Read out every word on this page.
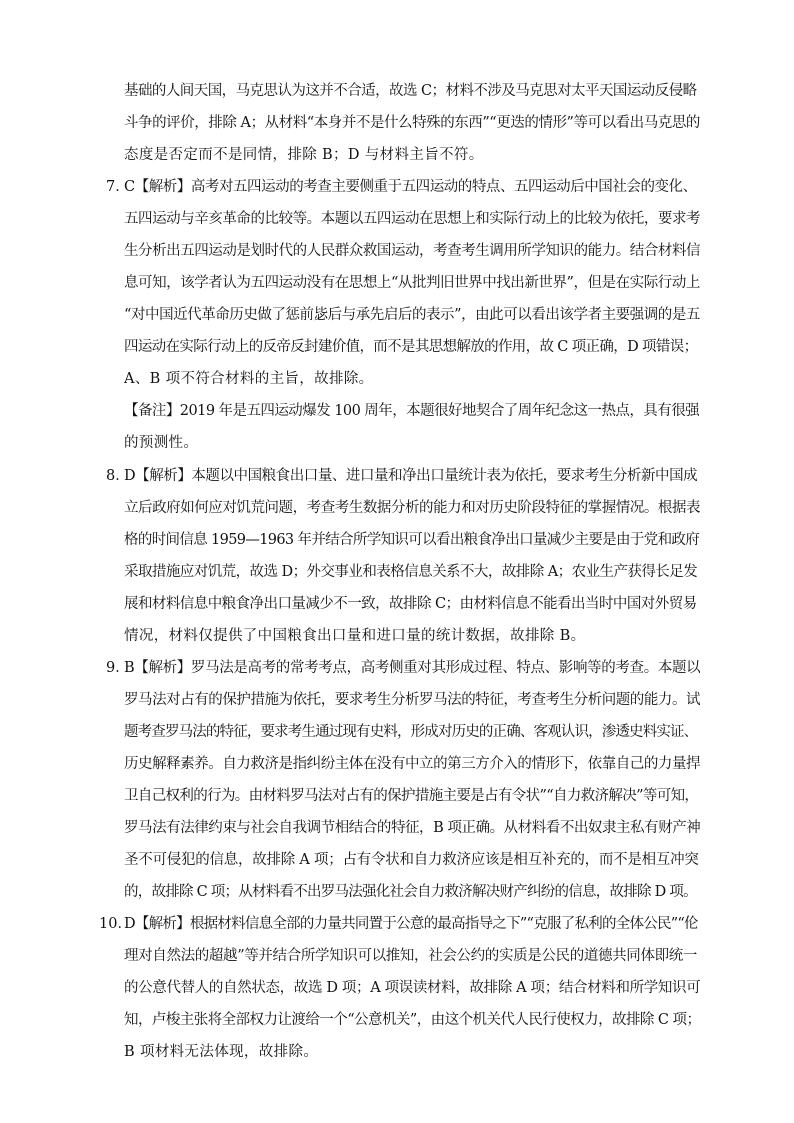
基础的人间天国，马克思认为这并不合适，故选 C；材料不涉及马克思对太平天国运动反侵略
斗争的评价，排除 A；从材料“本身并不是什么特殊的东西”“更迭的情形”等可以看出马克思的
态度是否定而不是同情，排除 B；D 与材料主旨不符。
7．
C【解析】高考对五四运动的考查主要侧重于五四运动的特点、五四运动后中国社会的变化、
五四运动与辛亥革命的比较等。本题以五四运动在思想上和实际行动上的比较为依托，要求考
生分析出五四运动是划时代的人民群众救国运动，考查考生调用所学知识的能力。结合材料信
息可知，该学者认为五四运动没有在思想上“从批判旧世界中找出新世界”，但是在实际行动上
“对中国近代革命历史做了惩前毖后与承先启后的表示”，由此可以看出该学者主要强调的是五
四运动在实际行动上的反帝反封建价值，而不是其思想解放的作用，故 C 项正确，D 项错误；
A、B 项不符合材料的主旨，故排除。
【备注】2019 年是五四运动爆发 100 周年，本题很好地契合了周年纪念这一热点，具有很强
的预测性。
8．
D【解析】本题以中国粮食出口量、进口量和净出口量统计表为依托，要求考生分析新中国成
立后政府如何应对饥荒问题，考查考生数据分析的能力和对历史阶段特征的掌握情况。根据表
格的时间信息 1959—1963 年并结合所学知识可以看出粮食净出口量减少主要是由于党和政府
采取措施应对饥荒，故选 D；外交事业和表格信息关系不大，故排除 A；农业生产获得长足发
展和材料信息中粮食净出口量减少不一致，故排除 C；由材料信息不能看出当时中国对外贸易
情况，材料仅提供了中国粮食出口量和进口量的统计数据，故排除 B。
9．
B【解析】罗马法是高考的常考考点，高考侧重对其形成过程、特点、影响等的考查。本题以
罗马法对占有的保护措施为依托，要求考生分析罗马法的特征，考查考生分析问题的能力。试
题考查罗马法的特征，要求考生通过现有史料，形成对历史的正确、客观认识，渗透史料实证、
历史解释素养。自力救济是指纠纷主体在没有中立的第三方介入的情形下，依靠自己的力量捍
卫自己权利的行为。由材料罗马法对占有的保护措施主要是占有令状”“自力救济解决”等可知，
罗马法有法律约束与社会自我调节相结合的特征，B 项正确。从材料看不出奴隶主私有财产神
圣不可侵犯的信息，故排除 A 项；占有令状和自力救济应该是相互补充的，而不是相互冲突
的，故排除 C 项；从材料看不出罗马法强化社会自力救济解决财产纠纷的信息，故排除 D 项。
10．
D【解析】根据材料信息全部的力量共同置于公意的最高指导之下”“克服了私利的全体公民”“伦
理对自然法的超越”等并结合所学知识可以推知，社会公约的实质是公民的道德共同体即统一
的公意代替人的自然状态，故选 D 项；A 项误读材料，故排除 A 项；结合材料和所学知识可
知，卢梭主张将全部权力让渡给一个“公意机关”，由这个机关代人民行使权力，故排除 C 项；
B 项材料无法体现，故排除。
